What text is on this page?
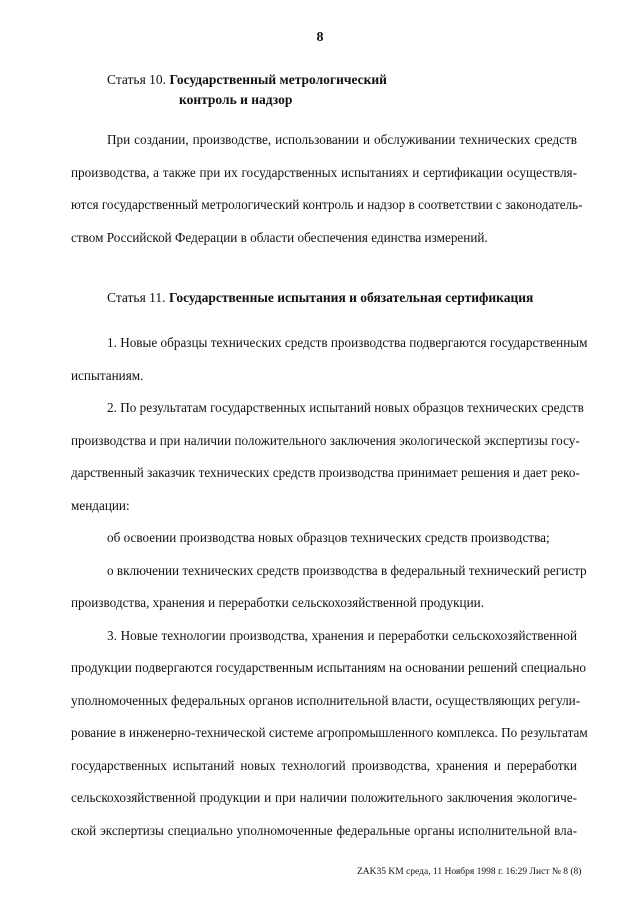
8
Статья 10. Государственный метрологический
контроль и надзор
При создании, производстве, использовании и обслуживании технических средств
производства, а также при их государственных испытаниях и сертификации осуществля-
ются государственный метрологический контроль и надзор в соответствии с законодатель-
ством Российской Федерации в области обеспечения единства измерений.
Статья 11. Государственные испытания и обязательная сертификация
1. Новые образцы технических средств производства подвергаются государственным
испытаниям.
2. По результатам государственных испытаний новых образцов технических средств
производства и при наличии положительного заключения экологической экспертизы госу-
дарственный заказчик технических средств производства принимает решения и дает реко-
мендации:
об освоении производства новых образцов технических средств производства;
о включении технических средств производства в федеральный технический регистр
производства, хранения и переработки сельскохозяйственной продукции.
3. Новые технологии производства, хранения и переработки сельскохозяйственной
продукции подвергаются государственным испытаниям на основании решений специально
уполномоченных федеральных органов исполнительной власти, осуществляющих регули-
рование в инженерно-технической системе агропромышленного комплекса. По результатам
государственных испытаний новых технологий производства, хранения и переработки
сельскохозяйственной продукции и при наличии положительного заключения экологиче-
ской экспертизы специально уполномоченные федеральные органы исполнительной вла-
ZAK35 KM среда, 11 Ноября 1998 г. 16:29 Лист № 8 (8)
